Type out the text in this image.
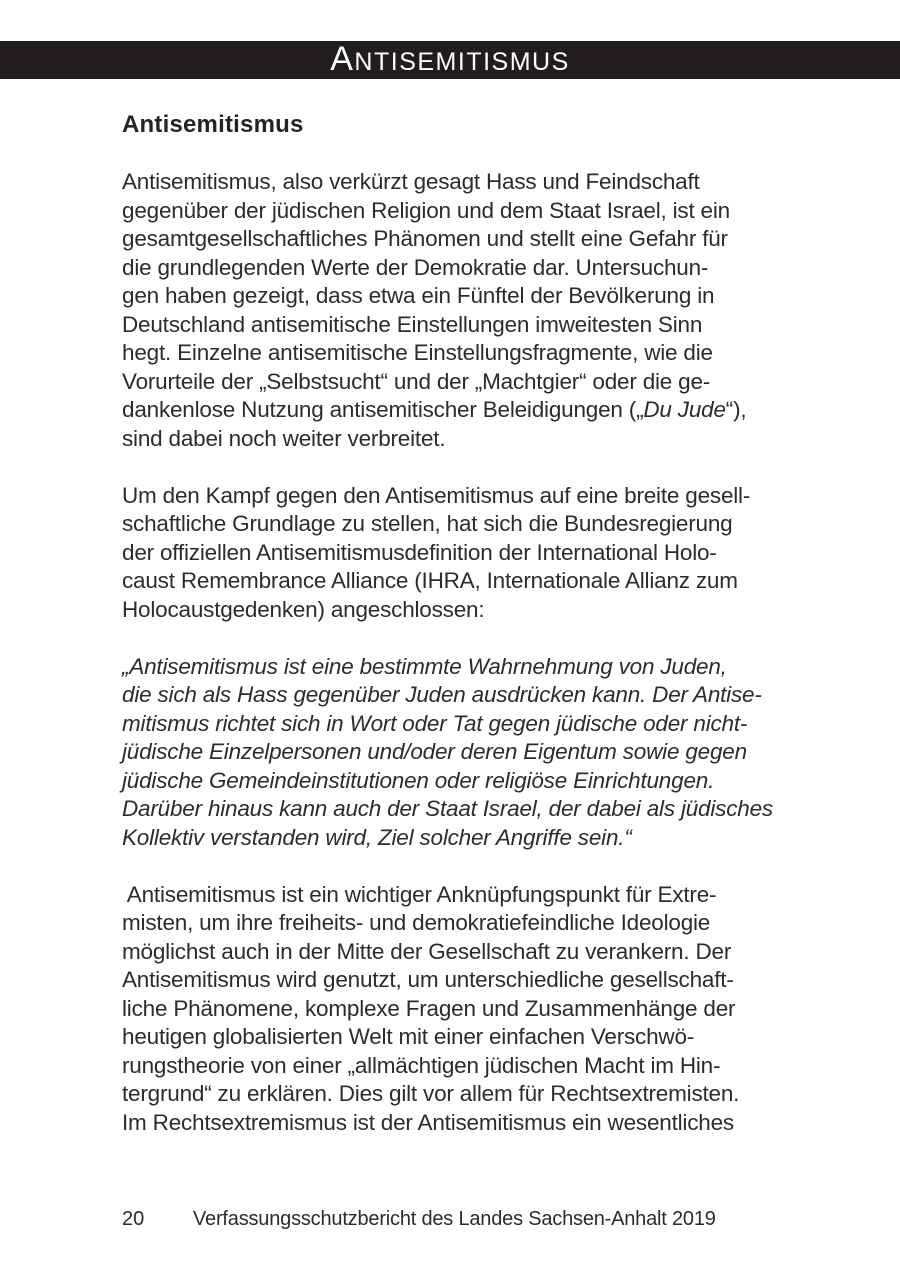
A NTISEMITISMUS
Antisemitismus
Antisemitismus, also verkürzt gesagt Hass und Feindschaft
gegenüber der jüdischen Religion und dem Staat Israel, ist ein
gesamtgesellschaftliches Phänomen und stellt eine Gefahr für
die grundlegenden Werte der Demokratie dar. Untersuchun-
gen haben gezeigt, dass etwa ein Fünftel der Bevölkerung in
Deutschland antisemitische Einstellungen imweitesten Sinn
hegt. Einzelne antisemitische Einstellungsfragmente, wie die
Vorurteile der „Selbstsucht“ und der „Machtgier“ oder die ge-
dankenlose Nutzung antisemitischer Beleidigungen („Du Jude“),
sind dabei noch weiter verbreitet.
Um den Kampf gegen den Antisemitismus auf eine breite gesell-
schaftliche Grundlage zu stellen, hat sich die Bundesregierung
der offiziellen Antisemitismusdefinition der International Holo-
caust Remembrance Alliance (IHRA, Internationale Allianz zum
Holocaustgedenken) angeschlossen:
„Antisemitismus ist eine bestimmte Wahrnehmung von Juden,
die sich als Hass gegenüber Juden ausdrücken kann. Der Antise-
mitismus richtet sich in Wort oder Tat gegen jüdische oder nicht-
jüdische Einzelpersonen und/oder deren Eigentum sowie gegen
jüdische Gemeindeinstitutionen oder religiöse Einrichtungen.
Darüber hinaus kann auch der Staat Israel, der dabei als jüdisches
Kollektiv verstanden wird, Ziel solcher Angriffe sein.“
Antisemitismus ist ein wichtiger Anknüpfungspunkt für Extre-
misten, um ihre freiheits- und demokratiefeindliche Ideologie
möglichst auch in der Mitte der Gesellschaft zu verankern. Der
Antisemitismus wird genutzt, um unterschiedliche gesellschaft-
liche Phänomene, komplexe Fragen und Zusammenhänge der
heutigen globalisierten Welt mit einer einfachen Verschwö-
rungstheorie von einer „allmächtigen jüdischen Macht im Hin-
tergrund“ zu erklären. Dies gilt vor allem für Rechtsextremisten.
Im Rechtsextremismus ist der Antisemitismus ein wesentliches
20 Verfassungsschutzbericht des Landes Sachsen-Anhalt 2019
